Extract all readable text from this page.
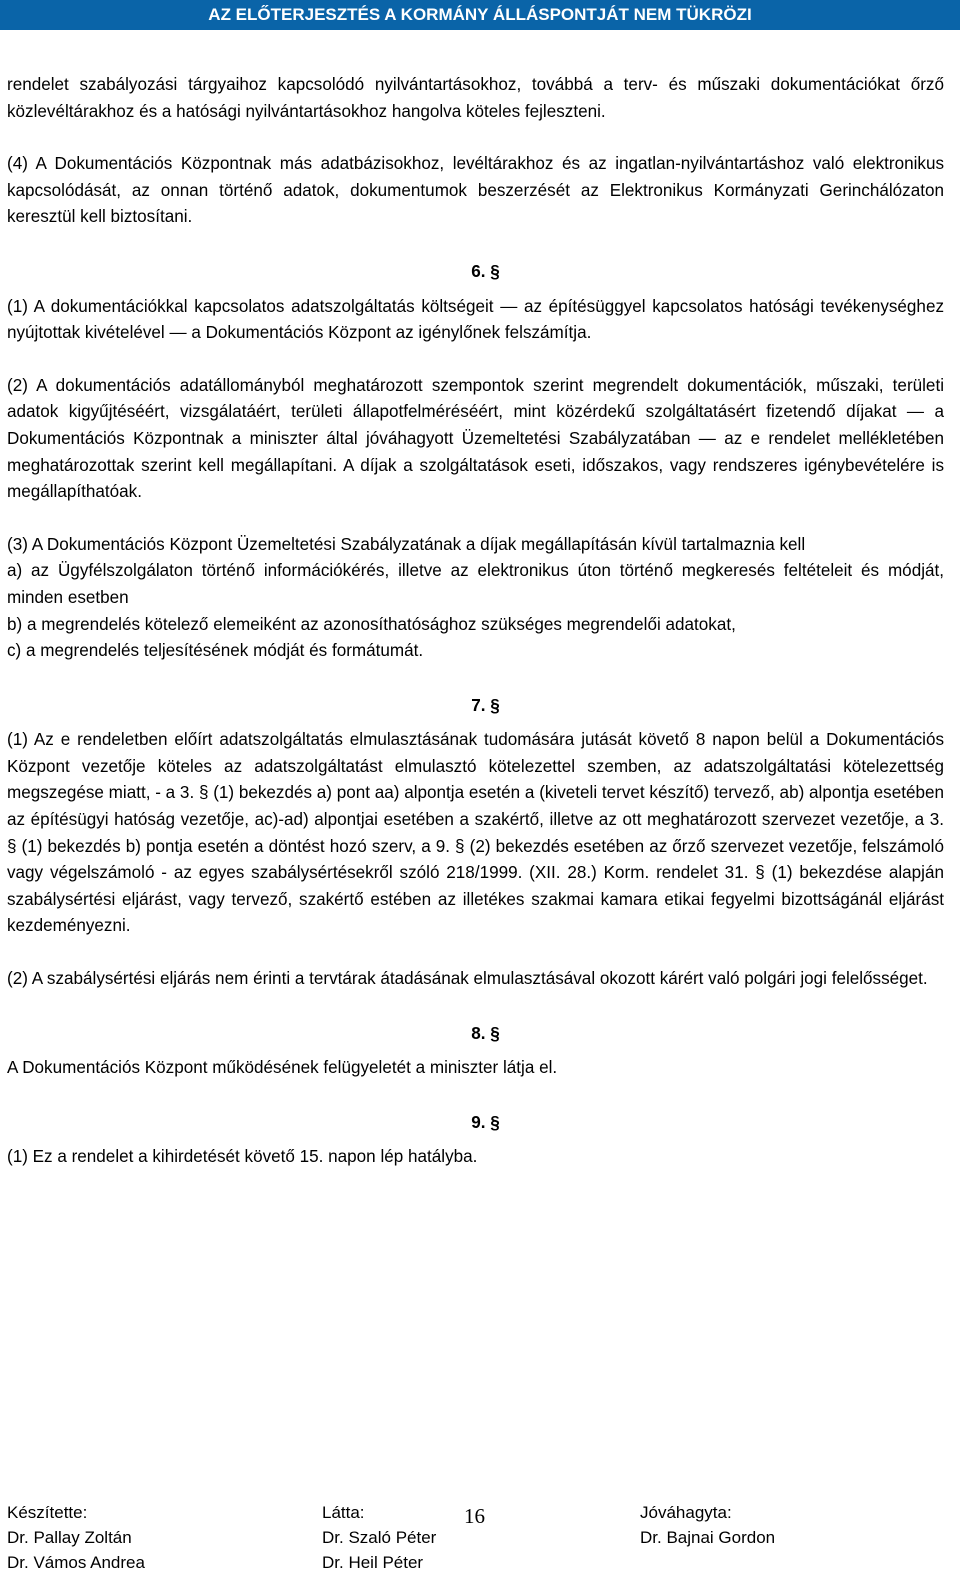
AZ ELŐTERJESZTÉS A KORMÁNY ÁLLÁSPONTJÁT NEM TÜKRÖZI

rendelet szabályozási tárgyaihoz kapcsolódó nyilvántartásokhoz, továbbá a terv- és műszaki dokumentációkat őrző közlevéltárakhoz és a hatósági nyilvántartásokhoz hangolva köteles fejleszteni.

(4) A Dokumentációs Központnak más adatbázisokhoz, levéltárakhoz és az ingatlan-nyilvántartáshoz való elektronikus kapcsolódását, az onnan történő adatok, dokumentumok beszerzését az Elektronikus Kormányzati Gerinchálózaton keresztül kell biztosítani.

6. §

(1) A dokumentációkkal kapcsolatos adatszolgáltatás költségeit — az építésüggyel kapcsolatos hatósági tevékenységhez nyújtottak kivételével — a Dokumentációs Központ az igénylőnek felszámítja.

(2) A dokumentációs adatállományból meghatározott szempontok szerint megrendelt dokumentációk, műszaki, területi adatok kigyűjtéséért, vizsgálatáért, területi állapotfelméréséért, mint közérdekű szolgáltatásért fizetendő díjakat — a Dokumentációs Központnak a miniszter által jóváhagyott Üzemeltetési Szabályzatában — az e rendelet mellékletében meghatározottak szerint kell megállapítani. A díjak a szolgáltatások eseti, időszakos, vagy rendszeres igénybevételére is megállapíthatóak.

(3) A Dokumentációs Központ Üzemeltetési Szabályzatának a díjak megállapításán kívül tartalmaznia kell

a) az Ügyfélszolgálaton történő információkérés, illetve az elektronikus úton történő megkeresés feltételeit és módját, minden esetben

b) a megrendelés kötelező elemeiként az azonosíthatósághoz szükséges megrendelői adatokat,

c) a megrendelés teljesítésének módját és formátumát.

7. §

(1) Az e rendeletben előírt adatszolgáltatás elmulasztásának tudomására jutását követő 8 napon belül a Dokumentációs Központ vezetője köteles az adatszolgáltatást elmulasztó kötelezettel szemben, az adatszolgáltatási kötelezettség megszegése miatt, - a 3. § (1) bekezdés a) pont aa) alpontja esetén a (kiveteli tervet készítő) tervező, ab) alpontja esetében az építésügyi hatóság vezetője, ac)-ad) alpontjai esetében a szakértő, illetve az ott meghatározott szervezet vezetője, a 3. § (1) bekezdés b) pontja esetén a döntést hozó szerv, a 9. § (2) bekezdés esetében az őrző szervezet vezetője, felszámoló vagy végelszámoló - az egyes szabálysértésekről szóló 218/1999. (XII. 28.) Korm. rendelet 31. § (1) bekezdése alapján szabálysértési eljárást, vagy tervező, szakértő estében az illetékes szakmai kamara etikai fegyelmi bizottságánál eljárást kezdeményezni.

(2) A szabálysértési eljárás nem érinti a tervtárak átadásának elmulasztásával okozott kárért való polgári jogi felelősséget.

8. §

A Dokumentációs Központ működésének felügyeletét a miniszter látja el.

9. §

(1) Ez a rendelet a kihirdetését követő 15. napon lép hatályba.

Készítette:
Dr. Pallay Zoltán
Dr. Vámos Andrea
Látta:
Dr. Szaló Péter
Dr. Heil Péter
16	Jóváhagyta:
Dr. Bajnai Gordon
